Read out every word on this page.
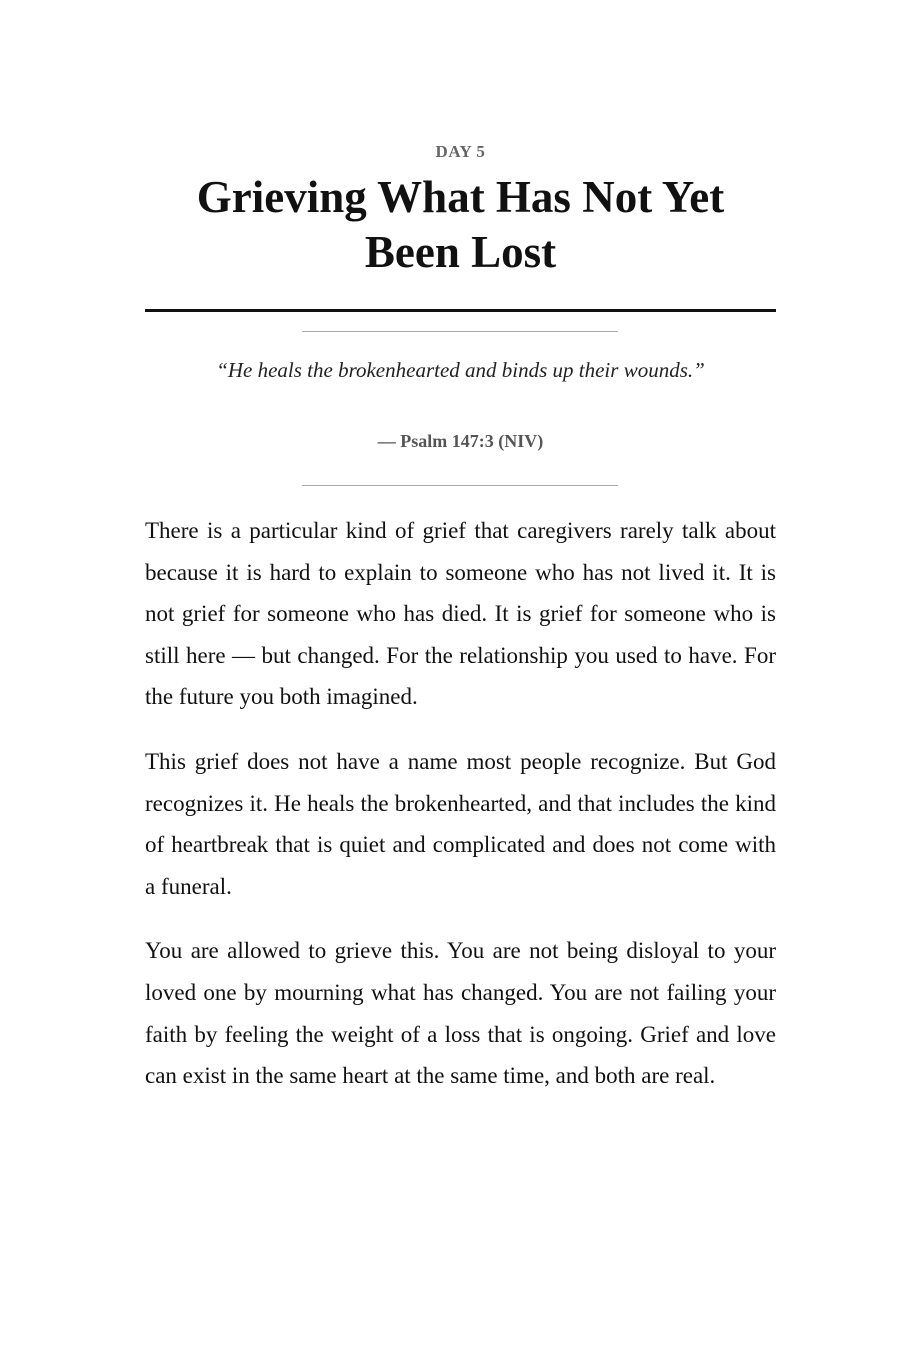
DAY 5
Grieving What Has Not Yet Been Lost
“He heals the brokenhearted and binds up their wounds.”
— Psalm 147:3 (NIV)

There is a particular kind of grief that caregivers rarely talk about because it is hard to explain to someone who has not lived it. It is not grief for someone who has died. It is grief for someone who is still here — but changed. For the relationship you used to have. For the future you both imagined.

This grief does not have a name most people recognize. But God recognizes it. He heals the brokenhearted, and that includes the kind of heartbreak that is quiet and complicated and does not come with a funeral.

You are allowed to grieve this. You are not being disloyal to your loved one by mourning what has changed. You are not failing your faith by feeling the weight of a loss that is ongoing. Grief and love can exist in the same heart at the same time, and both are real.
